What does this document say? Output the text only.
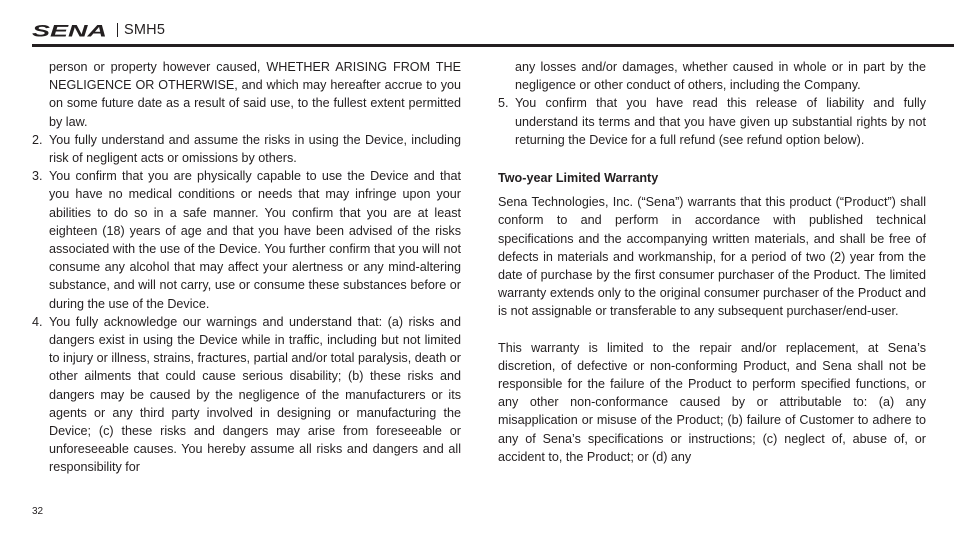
SENA SMH5

person or property however caused, WHETHER ARISING FROM THE NEGLIGENCE OR OTHERWISE, and which may hereafter accrue to you on some future date as a result of said use, to the fullest extent permitted by law.

2. You fully understand and assume the risks in using the Device, including risk of negligent acts or omissions by others.
3. You confirm that you are physically capable to use the Device and that you have no medical conditions or needs that may infringe upon your abilities to do so in a safe manner. You confirm that you are at least eighteen (18) years of age and that you have been advised of the risks associated with the use of the Device. You further confirm that you will not consume any alcohol that may affect your alertness or any mind-altering substance, and will not carry, use or consume these substances before or during the use of the Device.
4. You fully acknowledge our warnings and understand that: (a) risks and dangers exist in using the Device while in traffic, including but not limited to injury or illness, strains, fractures, partial and/or total paralysis, death or other ailments that could cause serious disability; (b) these risks and dangers may be caused by the negligence of the manufacturers or its agents or any third party involved in designing or manufacturing the Device; (c) these risks and dangers may arise from foreseeable or unforeseeable causes. You hereby assume all risks and dangers and all responsibility for

any losses and/or damages, whether caused in whole or in part by the negligence or other conduct of others, including the Company.

5. You confirm that you have read this release of liability and fully understand its terms and that you have given up substantial rights by not returning the Device for a full refund (see refund option below).

Two-year Limited Warranty

Sena Technologies, Inc. (“Sena”) warrants that this product (“Product”) shall conform to and perform in accordance with published technical specifications and the accompanying written materials, and shall be free of defects in materials and workmanship, for a period of two (2) year from the date of purchase by the first consumer purchaser of the Product. The limited warranty extends only to the original consumer purchaser of the Product and is not assignable or transferable to any subsequent purchaser/end-user.

This warranty is limited to the repair and/or replacement, at Sena’s discretion, of defective or non-conforming Product, and Sena shall not be responsible for the failure of the Product to perform specified functions, or any other non-conformance caused by or attributable to: (a) any misapplication or misuse of the Product; (b) failure of Customer to adhere to any of Sena’s specifications or instructions; (c) neglect of, abuse of, or accident to, the Product; or (d) any

32
